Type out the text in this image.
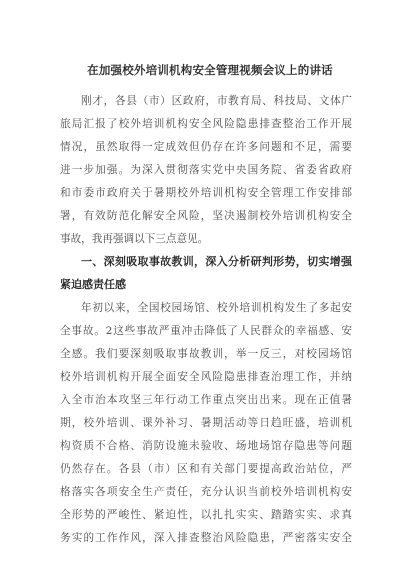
在加强校外培训机构安全管理视频会议上的讲话
刚才，各县（市）区政府，市教育局、科技局、文体广
旅局汇报了校外培训机构安全风险隐患排查整治工作开展
情况，虽然取得一定成效但仍存在许多问题和不足，需要
进一步加强。为深入贯彻落实党中央国务院、省委省政府
和市委市政府关于暑期校外培训机构安全管理工作安排部
署，有效防范化解安全风险，坚决遏制校外培训机构安全
事故，我再强调以下三点意见。
一、深刻吸取事故教训，深入分析研判形势，切实增强
紧迫感责任感
年初以来，全国校园场馆、校外培训机构发生了多起安
全事故。2这些事故严重冲击降低了人民群众的幸福感、安
全感。我们要深刻吸取事故教训，举一反三，对校园场馆
校外培训机构开展全面安全风险隐患排查治理工作，并纳
入全市治本攻坚三年行动工作重点突出出来。现在正值暑
期，校外培训、课外补习、暑期活动等日趋旺盛，培训机
构资质不合格、消防设施未验收、场地场馆存隐患等问题
仍然存在。各县（市）区和有关部门要提高政治站位，严
格落实各项安全生产责任，充分认识当前校外培训机构安
全形势的严峻性、紧迫性，以扎扎实实、踏踏实实、求真
务实的工作作风，深入排查整治风险隐患，严密落实安全
